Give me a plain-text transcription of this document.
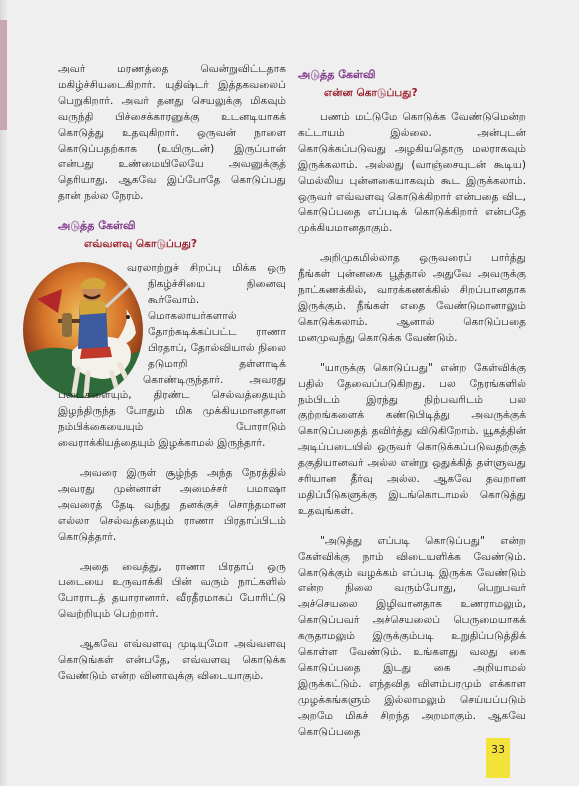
அவர் மரணத்தை வென்றுவிட்டதாக மகிழ்ச்சியடைகிறார். யுதிஷ்டர் இத்தகவலைப் பெறுகிறார். அவர் தனது செயலுக்கு மிகவும் வருந்தி பிச்சைக்காரனுக்கு உடனடியாகக் கொடுத்து உதவுகிறார். ஒருவன் நாளை கொடுப்பதற்காக (உயிருடன்) இருப்பான் என்பது உண்மையிலேயே அவனுக்குத் தெரியாது. ஆகவே இப்போதே கொடுப்பது தான் நல்ல நேரம்.

அடுத்த கேள்வி
எவ்வளவு கொடுப்பது?

வரலாற்றுச் சிறப்பு மிக்க ஒரு நிகழ்ச்சியை நினைவு கூர்வோம். மொகலாயர்களால் தோற்கடிக்கப்பட்ட ராணா பிரதாப், தோல்வியால் நிலை தடுமாறி தள்ளாடிக் கொண்டிருந்தார். அவரது படைகளையும், திரண்ட செல்வத்தையும் இழந்திருந்த போதும் மிக முக்கியமானதான நம்பிக்கையையும் போராடும் வைராக்கியத்தையும் இழக்காமல் இருந்தார்.

அவரை இருள் சூழ்ந்த அந்த நேரத்தில் அவரது முன்னாள் அமைச்சர் பமாஷா அவரைத் தேடி வந்து தனக்குச் சொந்தமான எல்லா செல்வத்தையும் ராணா பிரதாப்பிடம் கொடுத்தார்.

அதை வைத்து, ராணா பிரதாப் ஒரு படையை உருவாக்கி பின் வரும் நாட்களில் போராடத் தயாரானார். வீரதீரமாகப் போரிட்டு வெற்றியும் பெற்றார்.

ஆகவே எவ்வளவு முடியுமோ அவ்வளவு கொடுங்கள் என்பதே, எவ்வளவு கொடுக்க வேண்டும் என்ற வினாவுக்கு விடையாகும்.

அடுத்த கேள்வி
என்ன கொடுப்பது?

பணம் மட்டுமே கொடுக்க வேண்டுமென்ற கட்டாயம் இல்லை. அன்புடன் கொடுக்கப்படுவது அழகியதொரு மலராகவும் இருக்கலாம். அல்லது (வாஞ்சையுடன் கூடிய) மெல்லிய புன்னகையாகவும் கூட இருக்கலாம். ஒருவர் எவ்வளவு கொடுக்கிறார் என்பதை விட, கொடுப்பதை எப்படிக் கொடுக்கிறார் என்பதே முக்கியமானதாகும்.

அறிமுகமில்லாத ஒருவரைப் பார்த்து நீங்கள் புன்னகை பூத்தால் அதுவே அவருக்கு நாட்கணக்கில், வாரக்கணக்கில் சிறப்பானதாக இருக்கும். நீங்கள் எதை வேண்டுமானாலும் கொடுக்கலாம். ஆனால் கொடுப்பதை மனமுவந்து கொடுக்க வேண்டும்.

"யாருக்கு கொடுப்பது" என்ற கேள்விக்கு பதில் தேவைப்படுகிறது. பல நேரங்களில் நம்பிடம் இரந்து நிற்பவரிடம் பல குற்றங்களைக் கண்டுபிடித்து அவருக்குக் கொடுப்பதைத் தவிர்த்து விடுகிறோம். யூகத்தின் அடிப்படையில் ஒருவர் கொடுக்கப்படுவதற்குத் தகுதியானவர் அல்ல என்று ஒதுக்கித் தள்ளுவது சரியான தீர்வு அல்ல. ஆகவே தவறான மதிப்பீடுகளுக்கு இடங்கொடாமல் கொடுத்து உதவுங்கள்.

"அடுத்து எப்படி கொடுப்பது" என்ற கேள்விக்கு நாம் விடையளிக்க வேண்டும். கொடுக்கும் வழக்கம் எப்படி இருக்க வேண்டும் என்ற நிலை வரும்போது, பெறுபவர் அச்செயலை இழிவானதாக உணராமலும், கொடுப்பவர் அச்செயலைப் பெருமையாகக் கருதாமலும் இருக்கும்படி உறுதிப்படுத்திக் கொள்ள வேண்டும். உங்களது வலது கை கொடுப்பதை இடது கை அறியாமல் இருக்கட்டும். எந்தவித விளம்பரமும் எக்காள முழக்கங்களும் இல்லாமலும் செய்யப்படும் அறமே மிகச் சிறந்த அறமாகும். ஆகவே கொடுப்பதை

33
